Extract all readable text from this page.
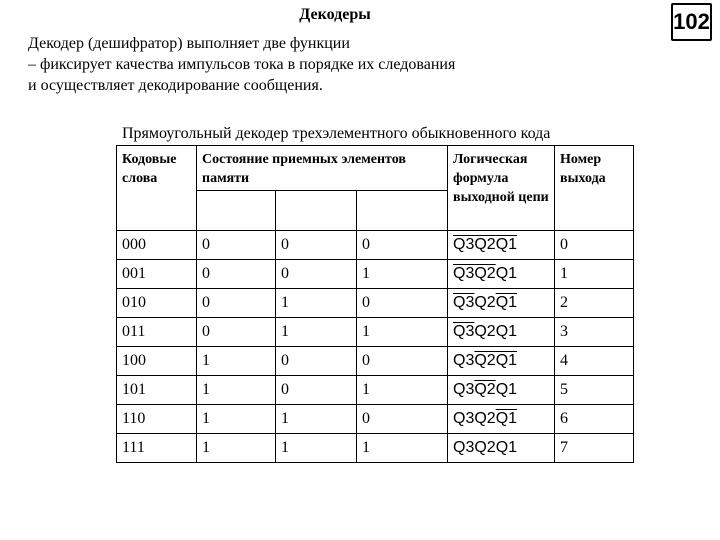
Декодеры	102
Декодер (дешифратор) выполняет две функции
– фиксирует качества импульсов тока в порядке их следования
и осуществляет декодирование сообщения.
Прямоугольный декодер трехэлементного обыкновенного кода
Кодовые слова	Состояние приемных элементов памяти			Логическая формула выходной цепи	Номер выхода

000	0	0	0	Q3Q2Q1	0
001	0	0	1	Q3Q2Q1	1
010	0	1	0	Q3Q2Q1	2
011	0	1	1	Q3Q2Q1	3
100	1	0	0	Q3Q2Q1	4
101	1	0	1	Q3Q2Q1	5
110	1	1	0	Q3Q2Q1	6
111	1	1	1	Q3Q2Q1	7
